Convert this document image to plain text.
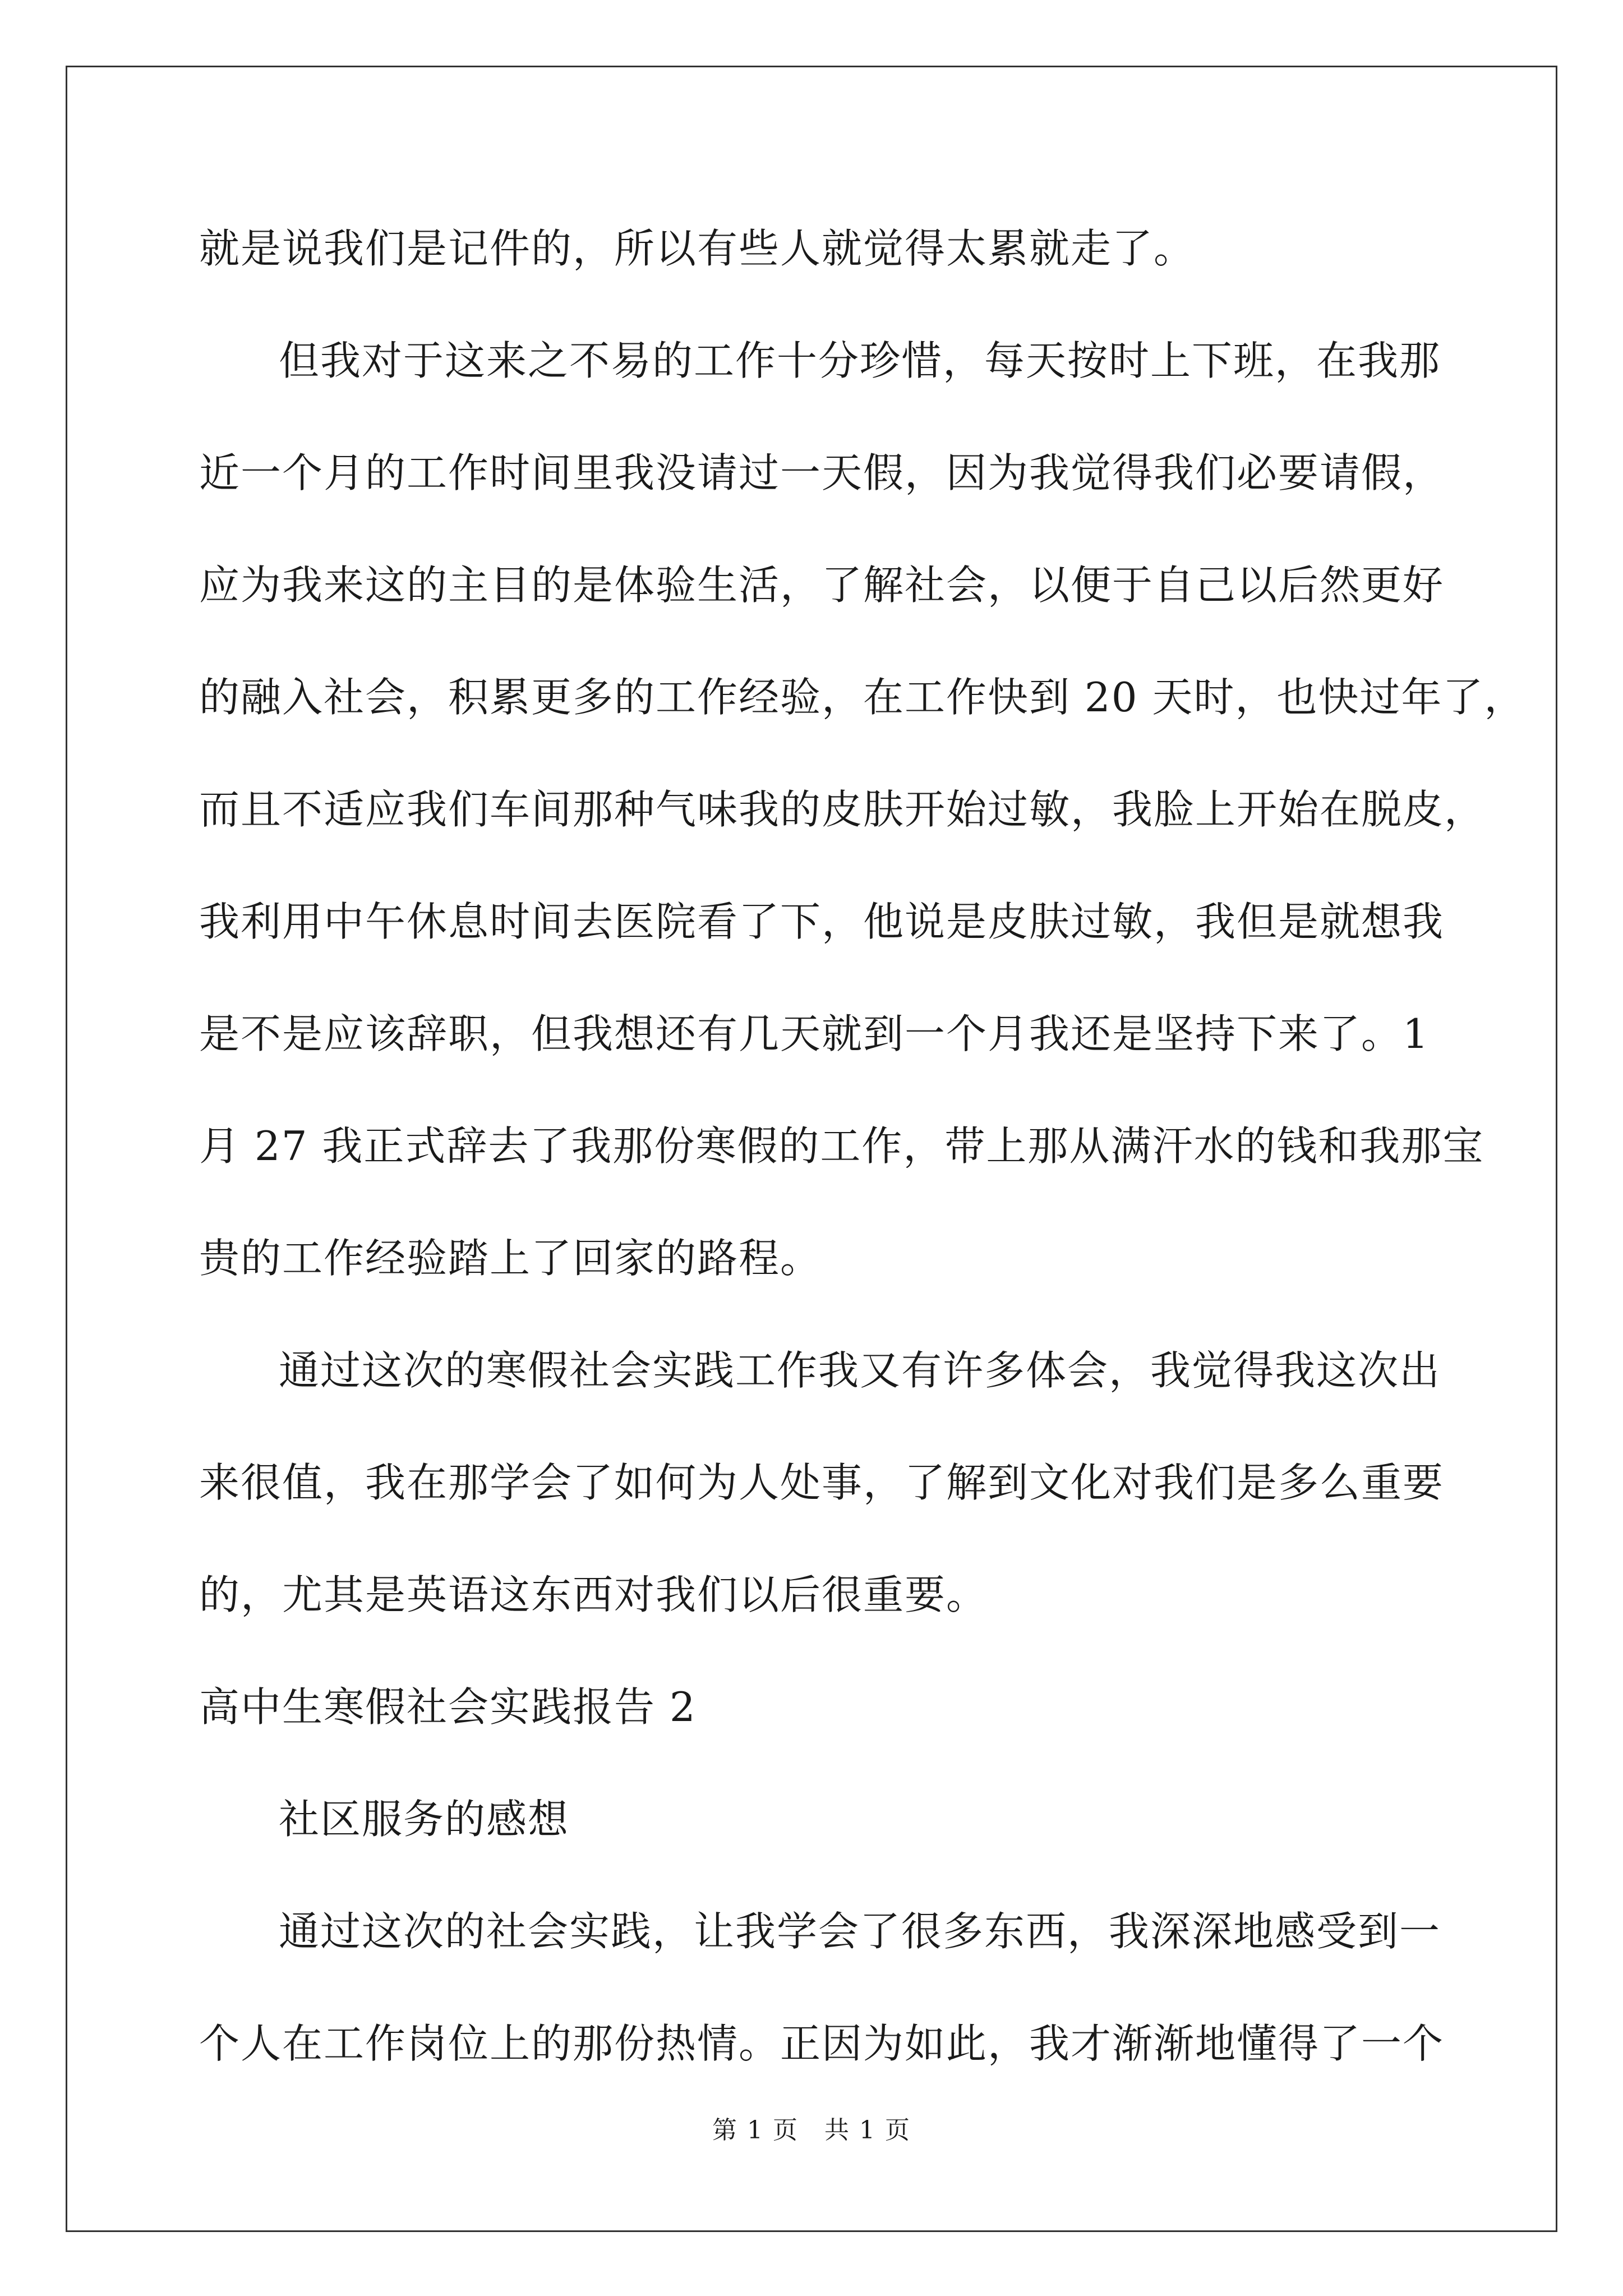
就是说我们是记件的，所以有些人就觉得太累就走了。
但我对于这来之不易的工作十分珍惜，每天按时上下班，在我那
近一个月的工作时间里我没请过一天假，因为我觉得我们必要请假，
应为我来这的主目的是体验生活，了解社会，以便于自己以后然更好
的融入社会，积累更多的工作经验，在工作快到 20 天时，也快过年了，
而且不适应我们车间那种气味我的皮肤开始过敏，我脸上开始在脱皮，
我利用中午休息时间去医院看了下，他说是皮肤过敏，我但是就想我
是不是应该辞职，但我想还有几天就到一个月我还是坚持下来了。1
月 27 我正式辞去了我那份寒假的工作，带上那从满汗水的钱和我那宝
贵的工作经验踏上了回家的路程。
通过这次的寒假社会实践工作我又有许多体会，我觉得我这次出
来很值，我在那学会了如何为人处事，了解到文化对我们是多么重要
的，尤其是英语这东西对我们以后很重要。
高中生寒假社会实践报告 2
社区服务的感想
通过这次的社会实践，让我学会了很多东西，我深深地感受到一
个人在工作岗位上的那份热情。正因为如此，我才渐渐地懂得了一个
第 1 页　共 1 页
